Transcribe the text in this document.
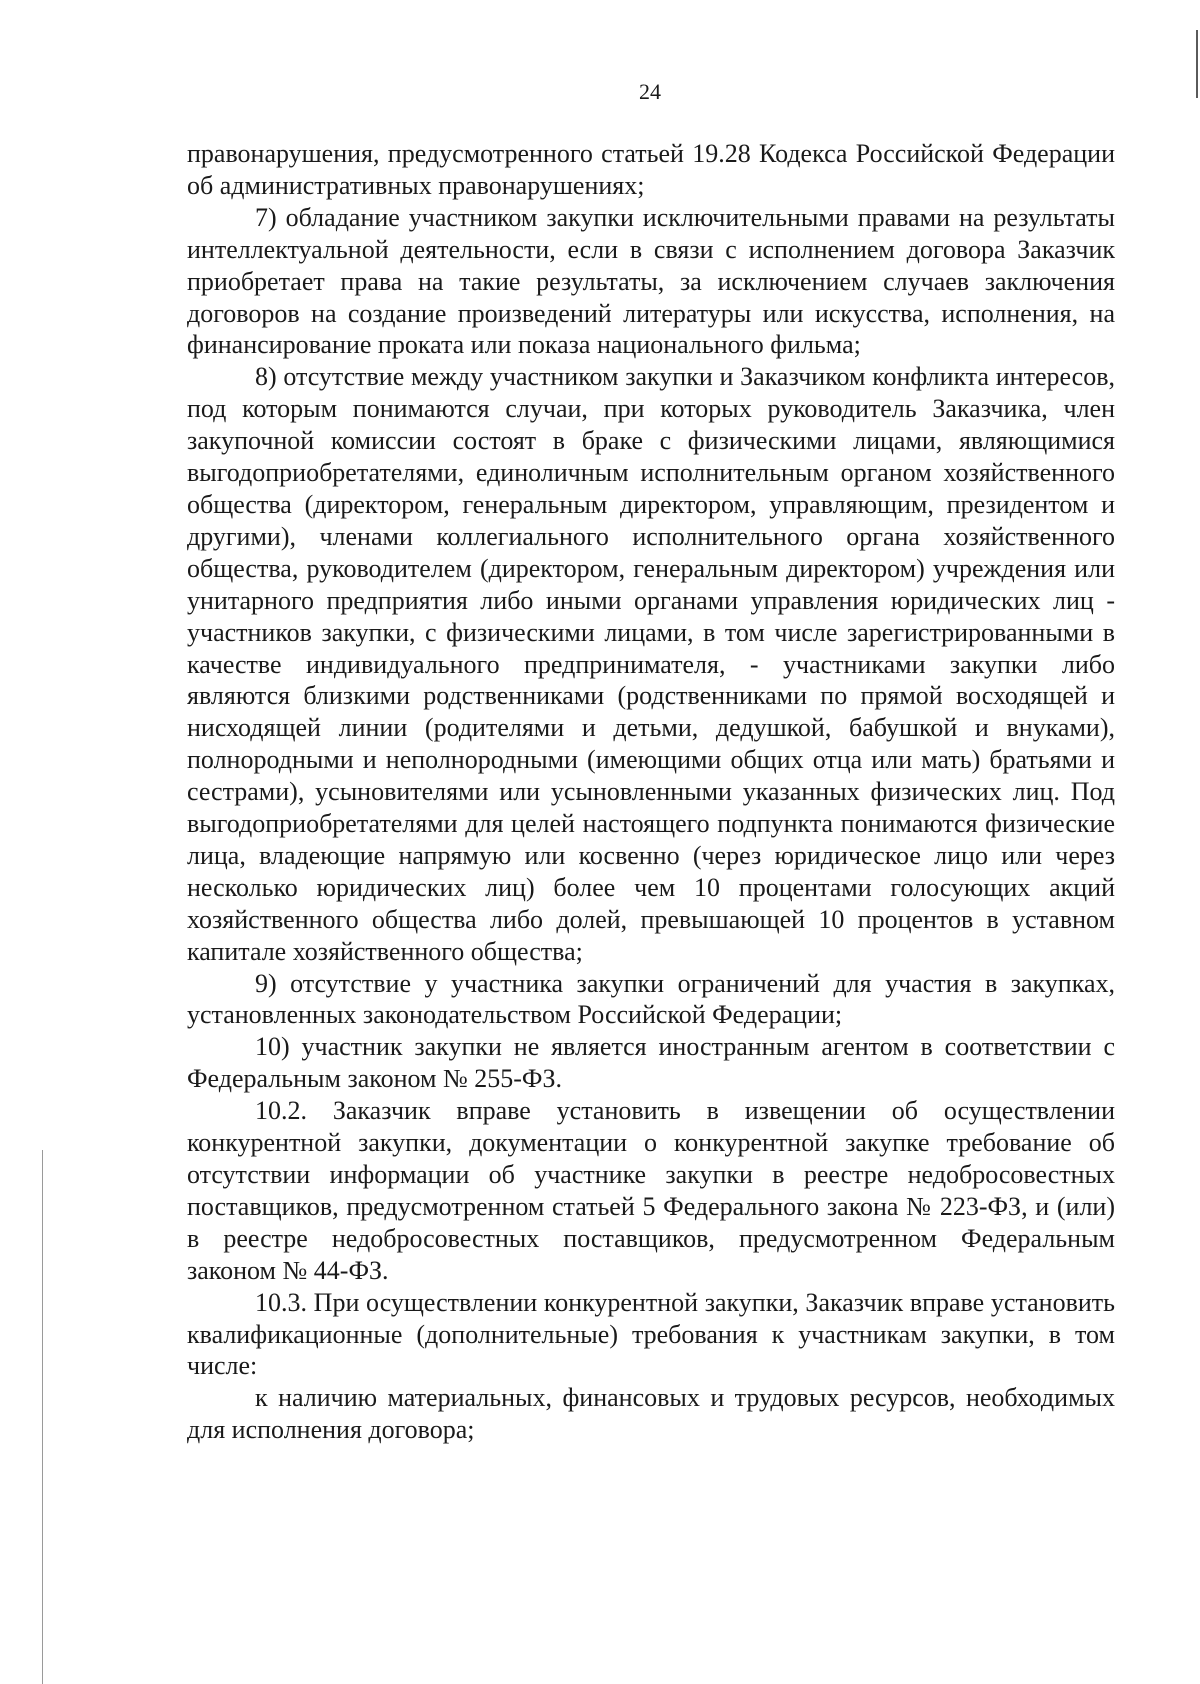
24

правонарушения, предусмотренного статьей 19.28 Кодекса Российской Федерации об административных правонарушениях;

7) обладание участником закупки исключительными правами на результаты интеллектуальной деятельности, если в связи с исполнением договора Заказчик приобретает права на такие результаты, за исключением случаев заключения договоров на создание произведений литературы или искусства, исполнения, на финансирование проката или показа национального фильма;

8) отсутствие между участником закупки и Заказчиком конфликта интересов, под которым понимаются случаи, при которых руководитель Заказчика, член закупочной комиссии состоят в браке с физическими лицами, являющимися выгодоприобретателями, единоличным исполнительным органом хозяйственного общества (директором, генеральным директором, управляющим, президентом и другими), членами коллегиального исполнительного органа хозяйственного общества, руководителем (директором, генеральным директором) учреждения или унитарного предприятия либо иными органами управления юридических лиц - участников закупки, с физическими лицами, в том числе зарегистрированными в качестве индивидуального предпринимателя, - участниками закупки либо являются близкими родственниками (родственниками по прямой восходящей и нисходящей линии (родителями и детьми, дедушкой, бабушкой и внуками), полнородными и неполнородными (имеющими общих отца или мать) братьями и сестрами), усыновителями или усыновленными указанных физических лиц. Под выгодоприобретателями для целей настоящего подпункта понимаются физические лица, владеющие напрямую или косвенно (через юридическое лицо или через несколько юридических лиц) более чем 10 процентами голосующих акций хозяйственного общества либо долей, превышающей 10 процентов в уставном капитале хозяйственного общества;

9) отсутствие у участника закупки ограничений для участия в закупках, установленных законодательством Российской Федерации;

10) участник закупки не является иностранным агентом в соответствии с Федеральным законом № 255-ФЗ.

10.2. Заказчик вправе установить в извещении об осуществлении конкурентной закупки, документации о конкурентной закупке требование об отсутствии информации об участнике закупки в реестре недобросовестных поставщиков, предусмотренном статьей 5 Федерального закона № 223-ФЗ, и (или) в реестре недобросовестных поставщиков, предусмотренном Федеральным законом № 44-ФЗ.

10.3. При осуществлении конкурентной закупки, Заказчик вправе установить квалификационные (дополнительные) требования к участникам закупки, в том числе:

к наличию материальных, финансовых и трудовых ресурсов, необходимых для исполнения договора;
